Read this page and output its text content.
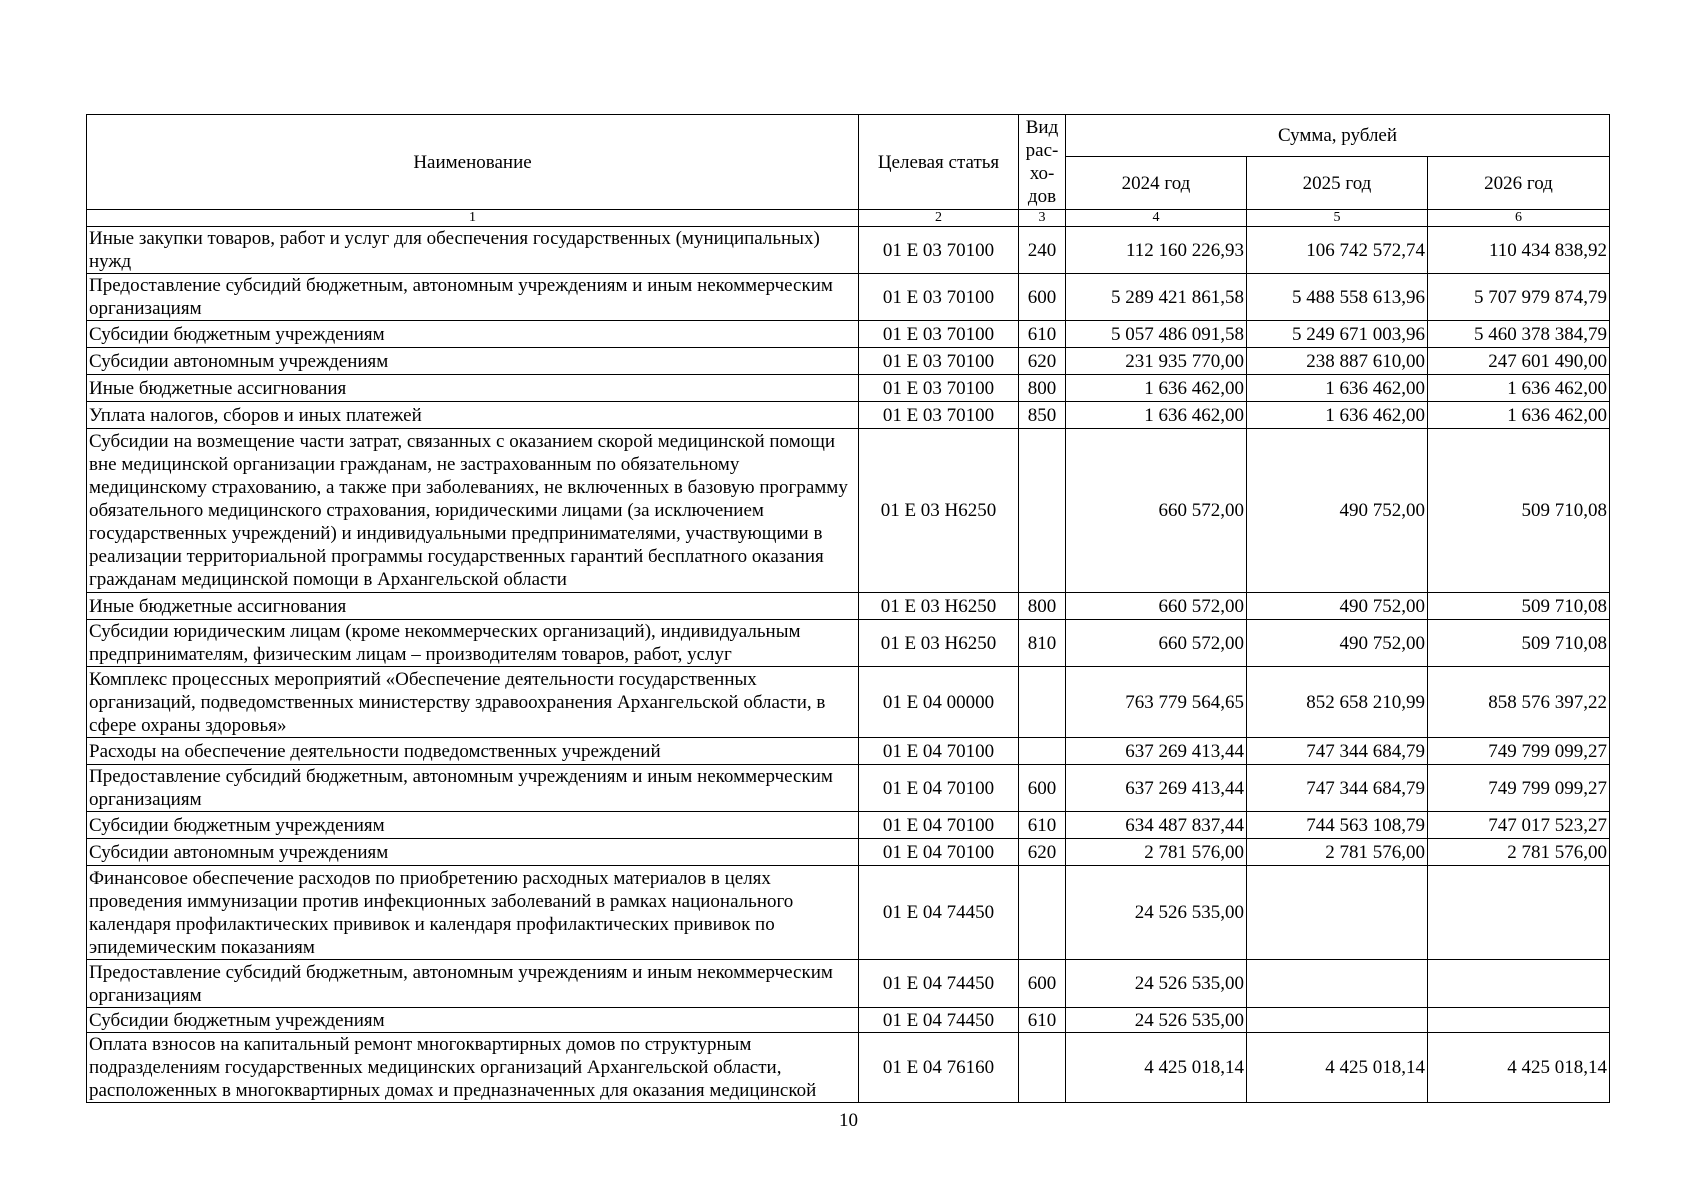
Наименование	Целевая статья	Вид рас-хо-дов	Сумма, рублей		
			2024 год	2025 год	2026 год
1	2	3	4	5	6
Иные закупки товаров, работ и услуг для обеспечения государственных (муниципальных) нужд	01 Е 03 70100	240	112 160 226,93	106 742 572,74	110 434 838,92
Предоставление субсидий бюджетным, автономным учреждениям и иным некоммерческим организациям	01 Е 03 70100	600	5 289 421 861,58	5 488 558 613,96	5 707 979 874,79
Субсидии бюджетным учреждениям	01 Е 03 70100	610	5 057 486 091,58	5 249 671 003,96	5 460 378 384,79
Субсидии автономным учреждениям	01 Е 03 70100	620	231 935 770,00	238 887 610,00	247 601 490,00
Иные бюджетные ассигнования	01 Е 03 70100	800	1 636 462,00	1 636 462,00	1 636 462,00
Уплата налогов, сборов и иных платежей	01 Е 03 70100	850	1 636 462,00	1 636 462,00	1 636 462,00
Субсидии на возмещение части затрат, связанных с оказанием скорой медицинской помощи вне медицинской организации гражданам, не застрахованным по обязательному медицинскому страхованию, а также при заболеваниях, не включенных в базовую программу обязательного медицинского страхования, юридическими лицами (за исключением государственных учреждений) и индивидуальными предпринимателями, участвующими в реализации территориальной программы государственных гарантий бесплатного оказания гражданам медицинской помощи в Архангельской области	01 Е 03 Н6250		660 572,00	490 752,00	509 710,08
Иные бюджетные ассигнования	01 Е 03 Н6250	800	660 572,00	490 752,00	509 710,08
Субсидии юридическим лицам (кроме некоммерческих организаций), индивидуальным предпринимателям, физическим лицам – производителям товаров, работ, услуг	01 Е 03 Н6250	810	660 572,00	490 752,00	509 710,08
Комплекс процессных мероприятий «Обеспечение деятельности государственных организаций, подведомственных министерству здравоохранения Архангельской области, в сфере охраны здоровья»	01 Е 04 00000		763 779 564,65	852 658 210,99	858 576 397,22
Расходы на обеспечение деятельности подведомственных учреждений	01 Е 04 70100		637 269 413,44	747 344 684,79	749 799 099,27
Предоставление субсидий бюджетным, автономным учреждениям и иным некоммерческим организациям	01 Е 04 70100	600	637 269 413,44	747 344 684,79	749 799 099,27
Субсидии бюджетным учреждениям	01 Е 04 70100	610	634 487 837,44	744 563 108,79	747 017 523,27
Субсидии автономным учреждениям	01 Е 04 70100	620	2 781 576,00	2 781 576,00	2 781 576,00
Финансовое обеспечение расходов по приобретению расходных материалов в целях проведения иммунизации против инфекционных заболеваний в рамках национального календаря профилактических прививок и календаря профилактических прививок по эпидемическим показаниям	01 Е 04 74450		24 526 535,00		
Предоставление субсидий бюджетным, автономным учреждениям и иным некоммерческим организациям	01 Е 04 74450	600	24 526 535,00		
Субсидии бюджетным учреждениям	01 Е 04 74450	610	24 526 535,00		
Оплата взносов на капитальный ремонт многоквартирных домов по структурным подразделениям государственных медицинских организаций Архангельской области, расположенных в многоквартирных домах и предназначенных для оказания медицинской	01 Е 04 76160		4 425 018,14	4 425 018,14	4 425 018,14
10
